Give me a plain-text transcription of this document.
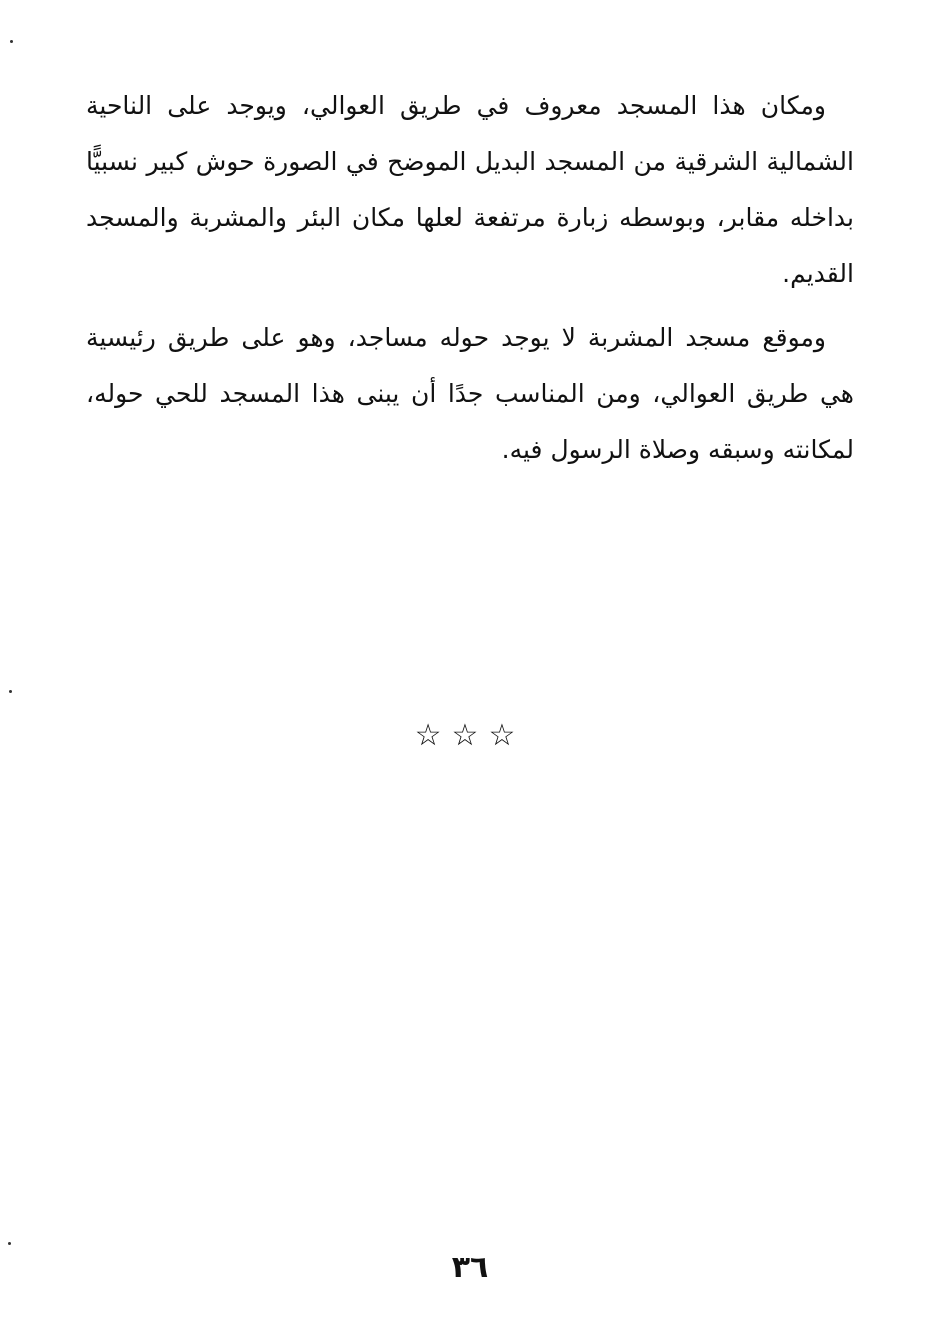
ومكان هذا المسجد معروف في طريق العوالي، ويوجد على الناحية الشمالية الشرقية من المسجد البديل الموضح في الصورة حوش كبير نسبيًّا بداخله مقابر، وبوسطه زبارة مرتفعة لعلها مكان البئر والمشربة والمسجد القديم.

وموقع مسجد المشربة لا يوجد حوله مساجد، وهو على طريق رئيسية هي طريق العوالي، ومن المناسب جدًا أن يبنى هذا المسجد للحي حوله، لمكانته وسبقه وصلاة الرسول فيه.

☆☆☆
٣٦
